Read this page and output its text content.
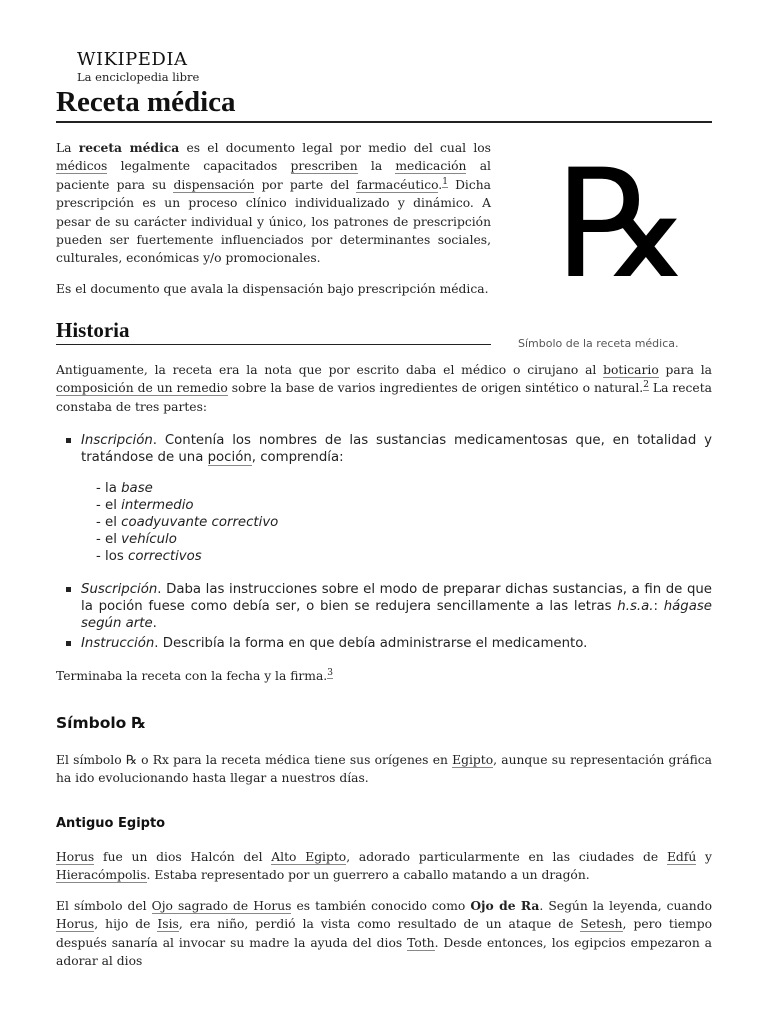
WIKIPEDIA
La enciclopedia libre
Receta médica

La receta médica es el documento legal por medio del cual los médicos legalmente capacitados prescriben la medicación al paciente para su dispensación por parte del farmacéutico.$^1$ Dicha prescripción es un proceso clínico individualizado y dinámico. A pesar de su carácter individual y único, los patrones de prescripción pueden ser fuertemente influenciados por determinantes sociales, culturales, económicas y/o promocionales.

Es el documento que avala la dispensación bajo prescripción médica. ℞
Símbolo de la receta médica.
Historia

Antiguamente, la receta era la nota que por escrito daba el médico o cirujano al boticario para la composición de un remedio sobre la base de varios ingredientes de origen sintético o natural.$^2$ La receta constaba de tres partes:

Inscripción. Contenía los nombres de las sustancias medicamentosas que, en totalidad y tratándose de una poción, comprendía:
- la base
- el intermedio
- el coadyuvante correctivo
- el vehículo
- los correctivos
Suscripción. Daba las instrucciones sobre el modo de preparar dichas sustancias, a fin de que la poción fuese como debía ser, o bien se redujera sencillamente a las letras h.s.a.: hágase según arte.
Instrucción. Describía la forma en que debía administrarse el medicamento.

Terminaba la receta con la fecha y la firma.$^3$

Símbolo ℞

El símbolo ℞ o Rx para la receta médica tiene sus orígenes en Egipto, aunque su representación gráfica ha ido evolucionando hasta llegar a nuestros días.

Antiguo Egipto

Horus fue un dios Halcón del Alto Egipto, adorado particularmente en las ciudades de Edfú y Hieracómpolis. Estaba representado por un guerrero a caballo matando a un dragón.

El símbolo del Ojo sagrado de Horus es también conocido como Ojo de Ra. Según la leyenda, cuando Horus, hijo de Isis, era niño, perdió la vista como resultado de un ataque de Setesh, pero tiempo después sanaría al invocar su madre la ayuda del dios Toth. Desde entonces, los egipcios empezaron a adorar al dios
